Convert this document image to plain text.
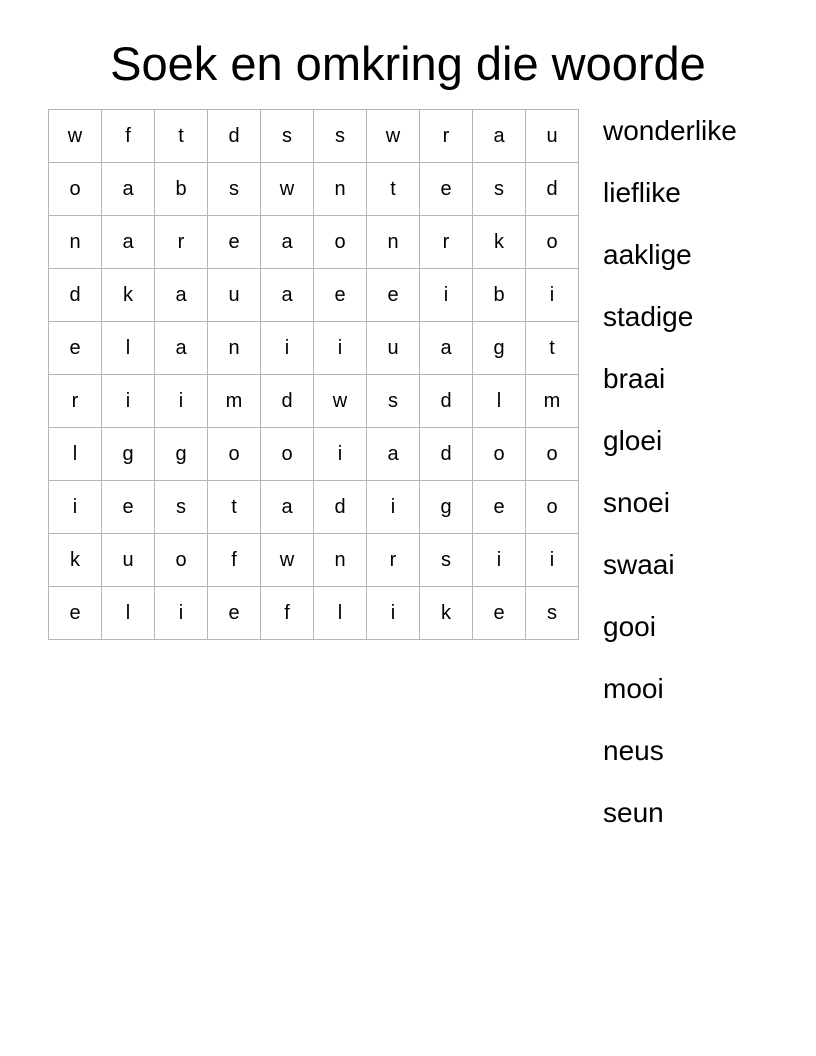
Soek en omkring die woorde
w	f	t	d	s	s	w	r	a	u
o	a	b	s	w	n	t	e	s	d
n	a	r	e	a	o	n	r	k	o
d	k	a	u	a	e	e	i	b	i
e	l	a	n	i	i	u	a	g	t
r	i	i	m	d	w	s	d	l	m
l	g	g	o	o	i	a	d	o	o
i	e	s	t	a	d	i	g	e	o
k	u	o	f	w	n	r	s	i	i
e	l	i	e	f	l	i	k	e	s
wonderlike
lieflike
aaklige
stadige
braai
gloei
snoei
swaai
gooi
mooi
neus
seun
